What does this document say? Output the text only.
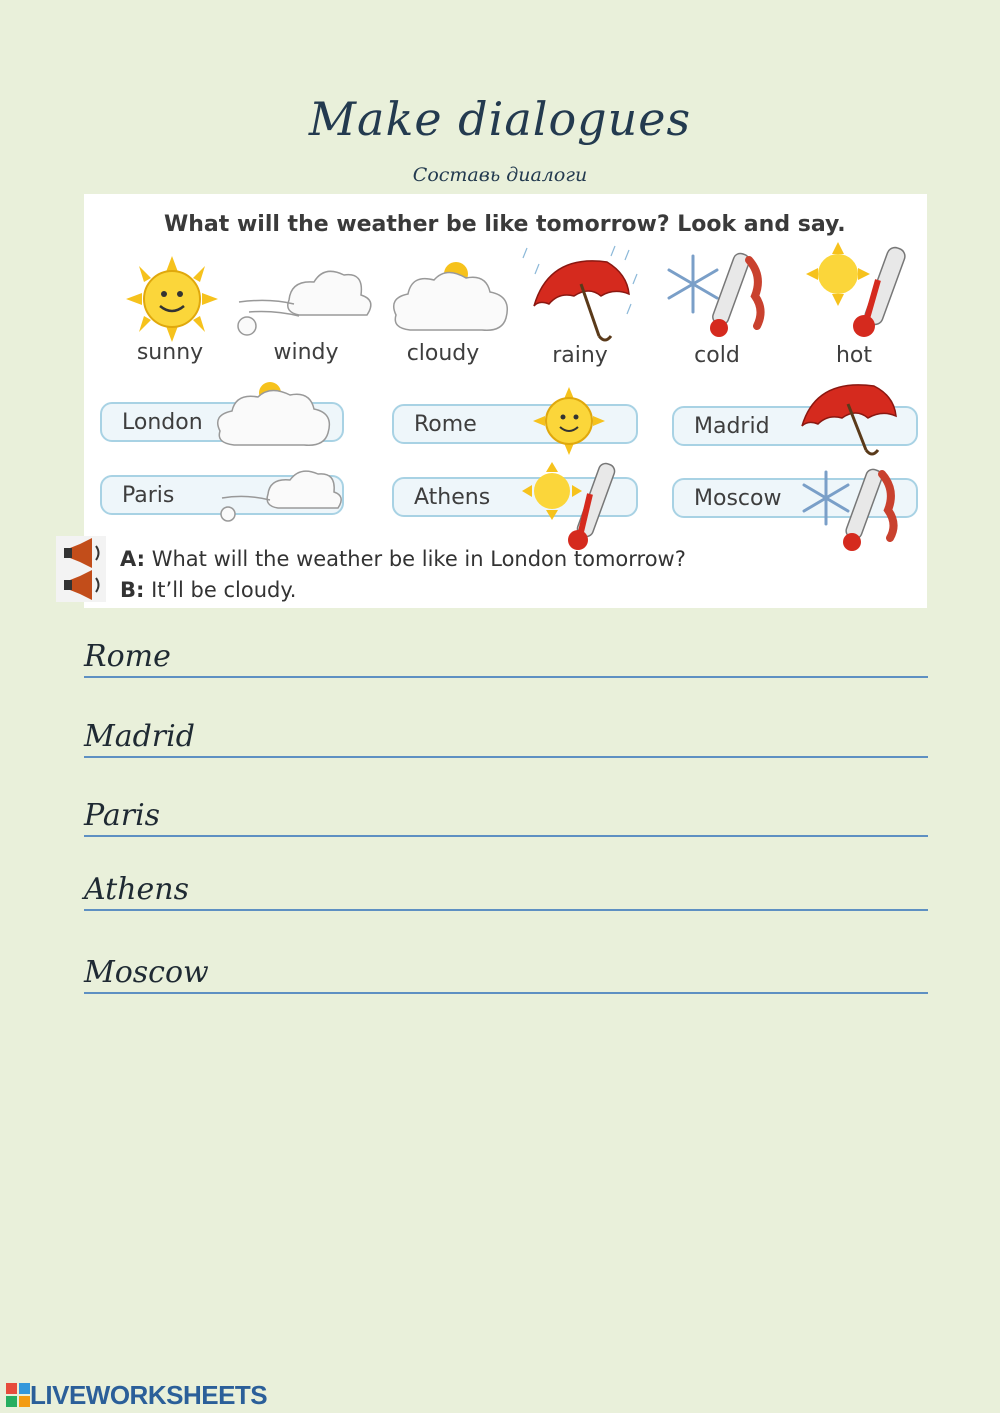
Make dialogues
Составь диалоги
What will the weather be like tomorrow? Look and say.
sunny	windy	cloudy	rainy	cold	hot
London	Rome	Madrid
Paris	Athens	Moscow
A: What will the weather be like in London tomorrow?
B: It’ll be cloudy.
Rome
Madrid
Paris
Athens
Moscow
LIVEWORKSHEETS
